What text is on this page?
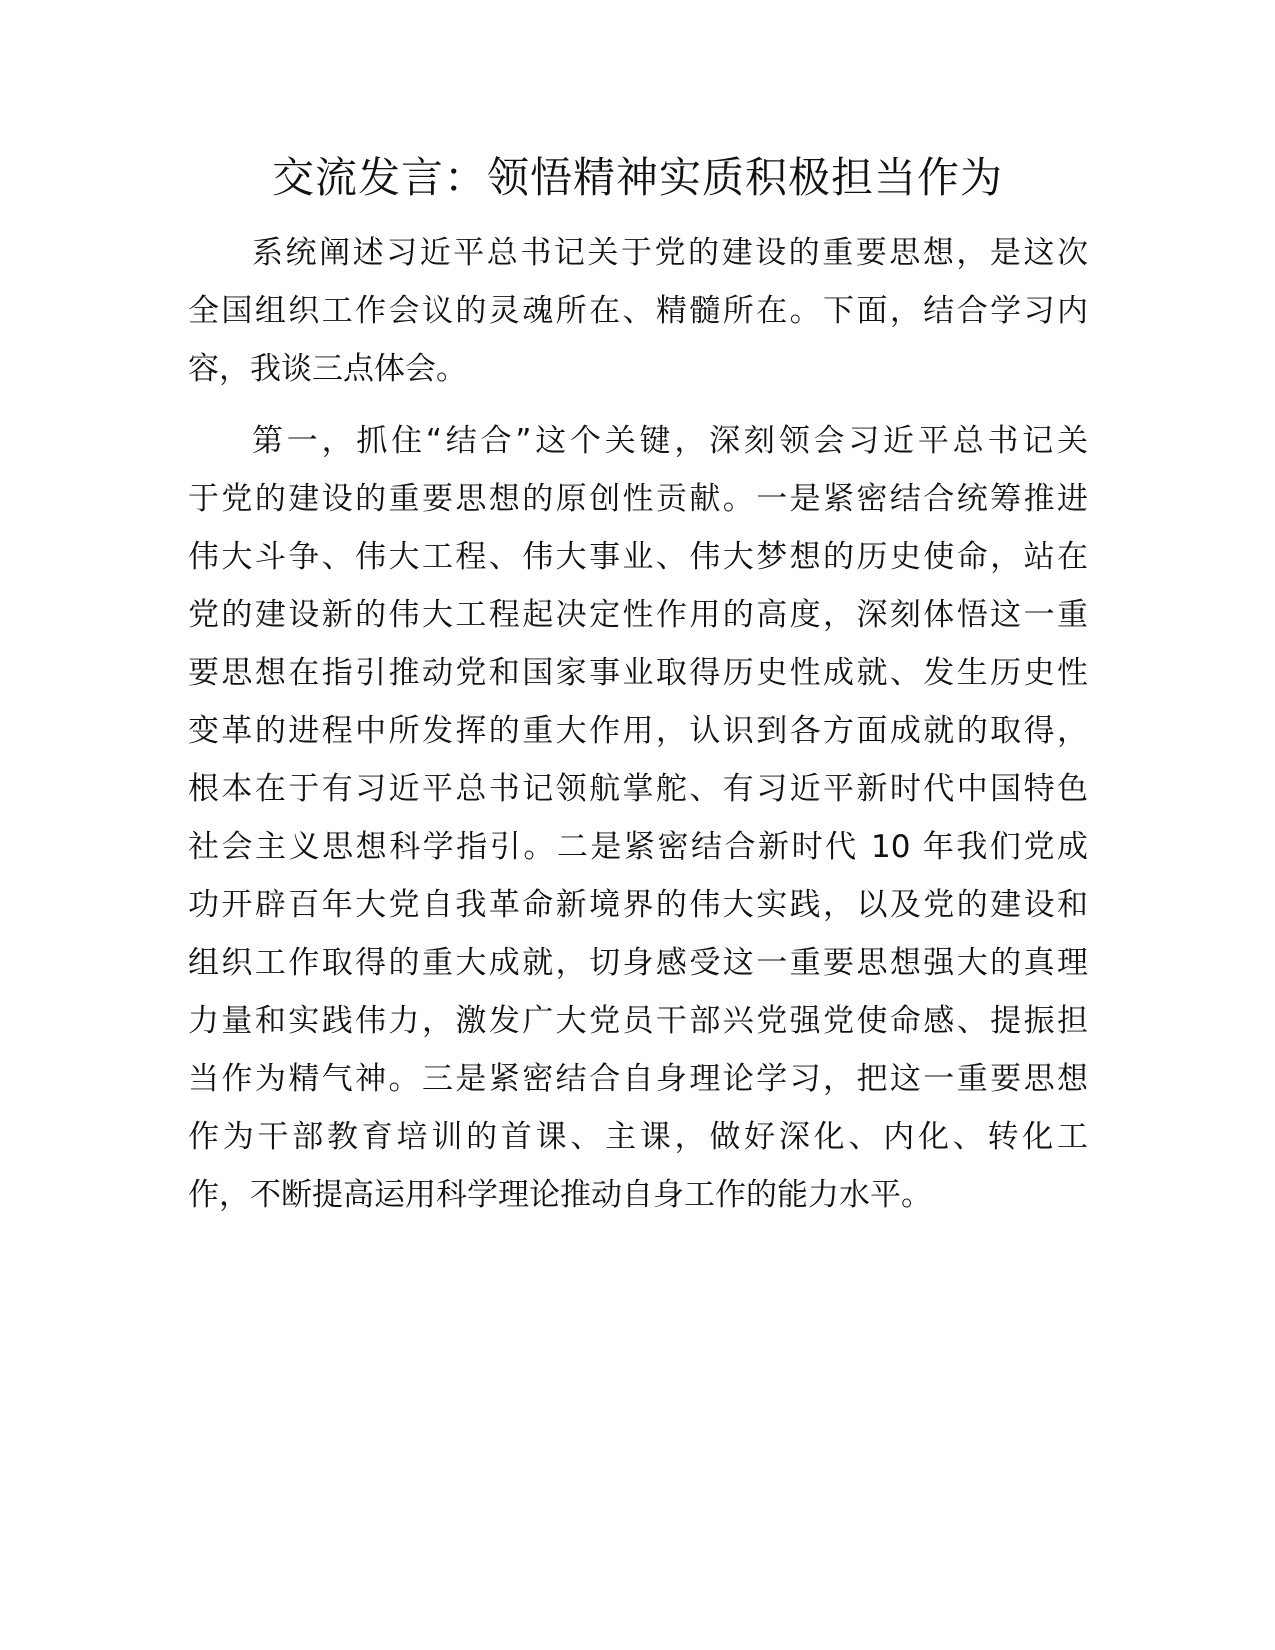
交流发言：领悟精神实质积极担当作为
系统阐述习近平总书记关于党的建设的重要思想，是这次
全国组织工作会议的灵魂所在、精髓所在。下面，结合学习内
容，我谈三点体会。
第一，抓住“结合”这个关键，深刻领会习近平总书记关
于党的建设的重要思想的原创性贡献。一是紧密结合统筹推进
伟大斗争、伟大工程、伟大事业、伟大梦想的历史使命，站在
党的建设新的伟大工程起决定性作用的高度，深刻体悟这一重
要思想在指引推动党和国家事业取得历史性成就、发生历史性
变革的进程中所发挥的重大作用，认识到各方面成就的取得，
根本在于有习近平总书记领航掌舵、有习近平新时代中国特色
社会主义思想科学指引。二是紧密结合新时代 10 年我们党成
功开辟百年大党自我革命新境界的伟大实践，以及党的建设和
组织工作取得的重大成就，切身感受这一重要思想强大的真理
力量和实践伟力，激发广大党员干部兴党强党使命感、提振担
当作为精气神。三是紧密结合自身理论学习，把这一重要思想
作为干部教育培训的首课、主课，做好深化、内化、转化工
作，不断提高运用科学理论推动自身工作的能力水平。
